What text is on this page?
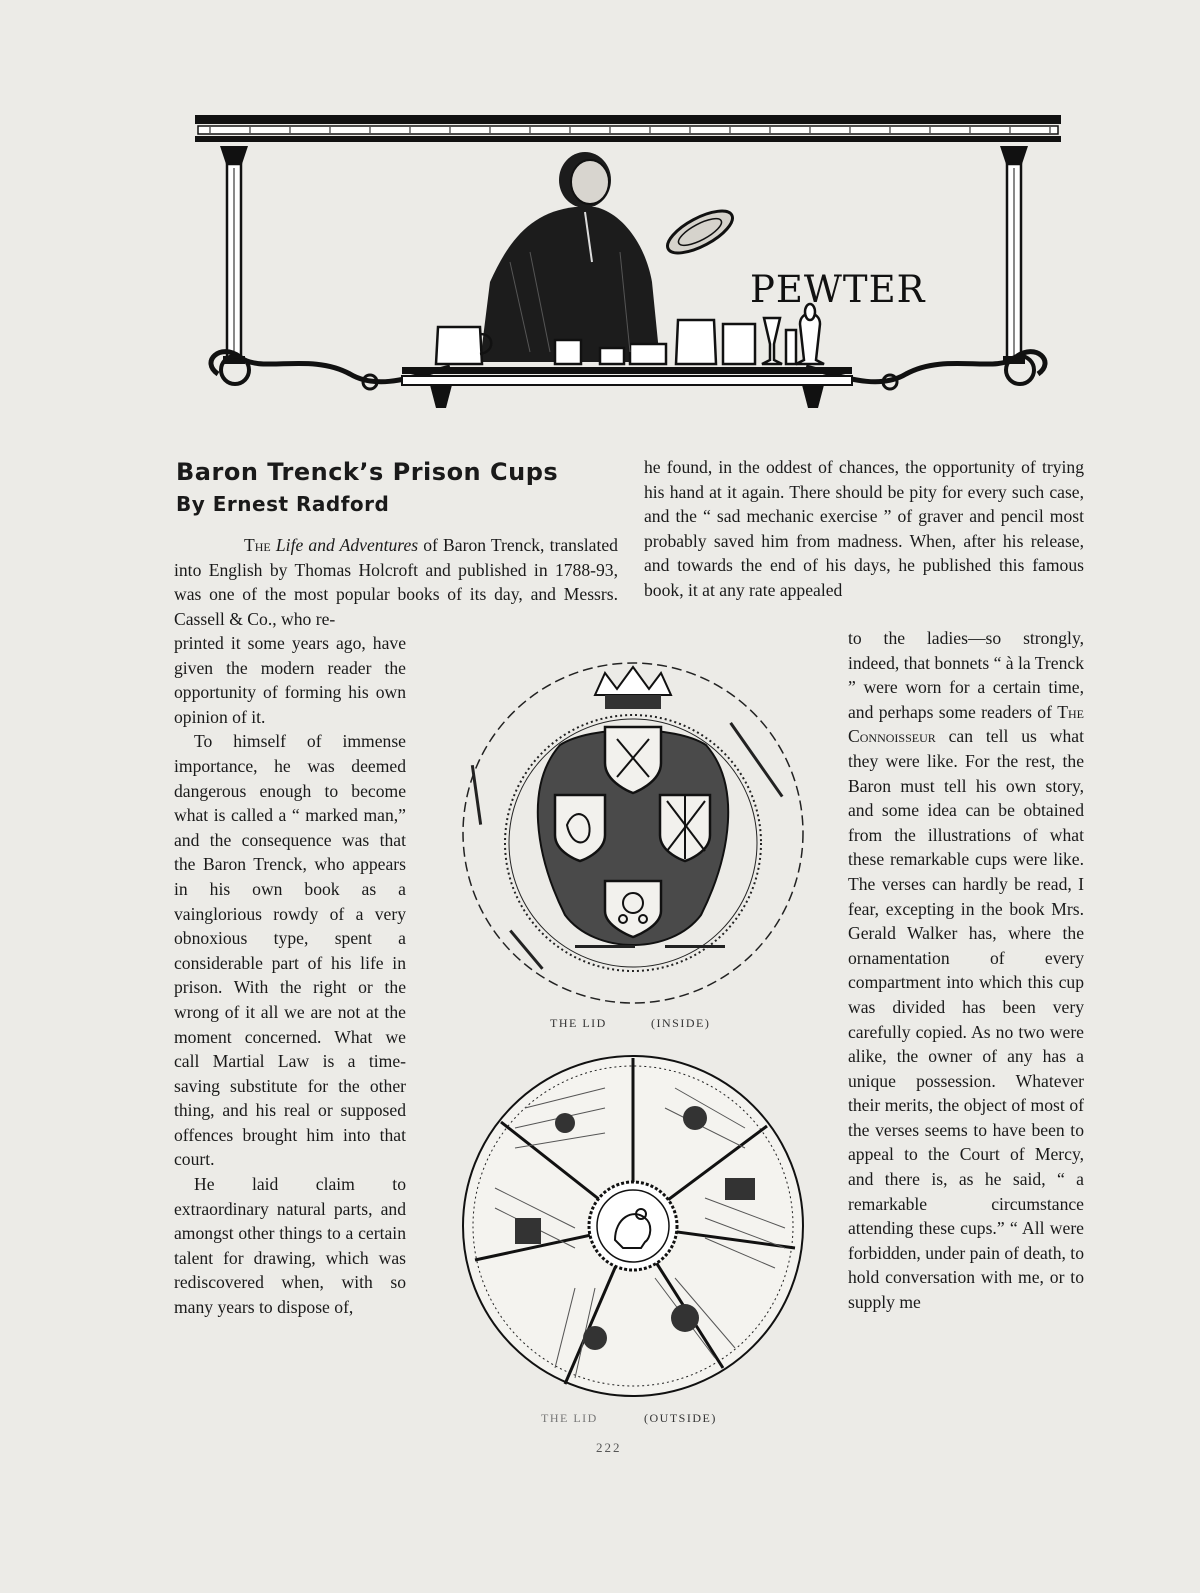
PEWTER
Baron Trenck’s Prison Cups
By Ernest Radford

The Life and Adventures of Baron Trenck, translated into English by Thomas Holcroft and published in 1788-93, was one of the most popular books of its day, and Messrs. Cassell & Co., who re-

printed it some years ago, have given the modern reader the opportunity of forming his own opinion of it.

To himself of immense importance, he was deemed dangerous enough to become what is called a “ marked man,” and the consequence was that the Baron Trenck, who appears in his own book as a vainglorious rowdy of a very obnoxious type, spent a considerable part of his life in prison. With the right or the wrong of it all we are not at the moment concerned. What we call Martial Law is a time-saving substitute for the other thing, and his real or supposed offences brought him into that court.

He laid claim to extraordinary natural parts, and amongst other things to a certain talent for drawing, which was rediscovered when, with so many years to dispose of,

he found, in the oddest of chances, the opportunity of trying his hand at it again. There should be pity for every such case, and the “ sad mechanic exercise ” of graver and pencil most probably saved him from madness. When, after his release, and towards the end of his days, he published this famous book, it at any rate appealed

to the ladies—so strongly, indeed, that bonnets “ à la Trenck ” were worn for a certain time, and perhaps some readers of The Connoisseur can tell us what they were like. For the rest, the Baron must tell his own story, and some idea can be obtained from the illustrations of what these remarkable cups were like. The verses can hardly be read, I fear, excepting in the book Mrs. Gerald Walker has, where the ornamentation of every compartment into which this cup was divided has been very carefully copied. As no two were alike, the owner of any has a unique possession. Whatever their merits, the object of most of the verses seems to have been to appeal to the Court of Mercy, and there is, as he said, “ a remarkable circumstance attending these cups.” “ All were forbidden, under pain of death, to hold conversation with me, or to supply me

THE LID	(INSIDE)
THE LID	(OUTSIDE)
222
